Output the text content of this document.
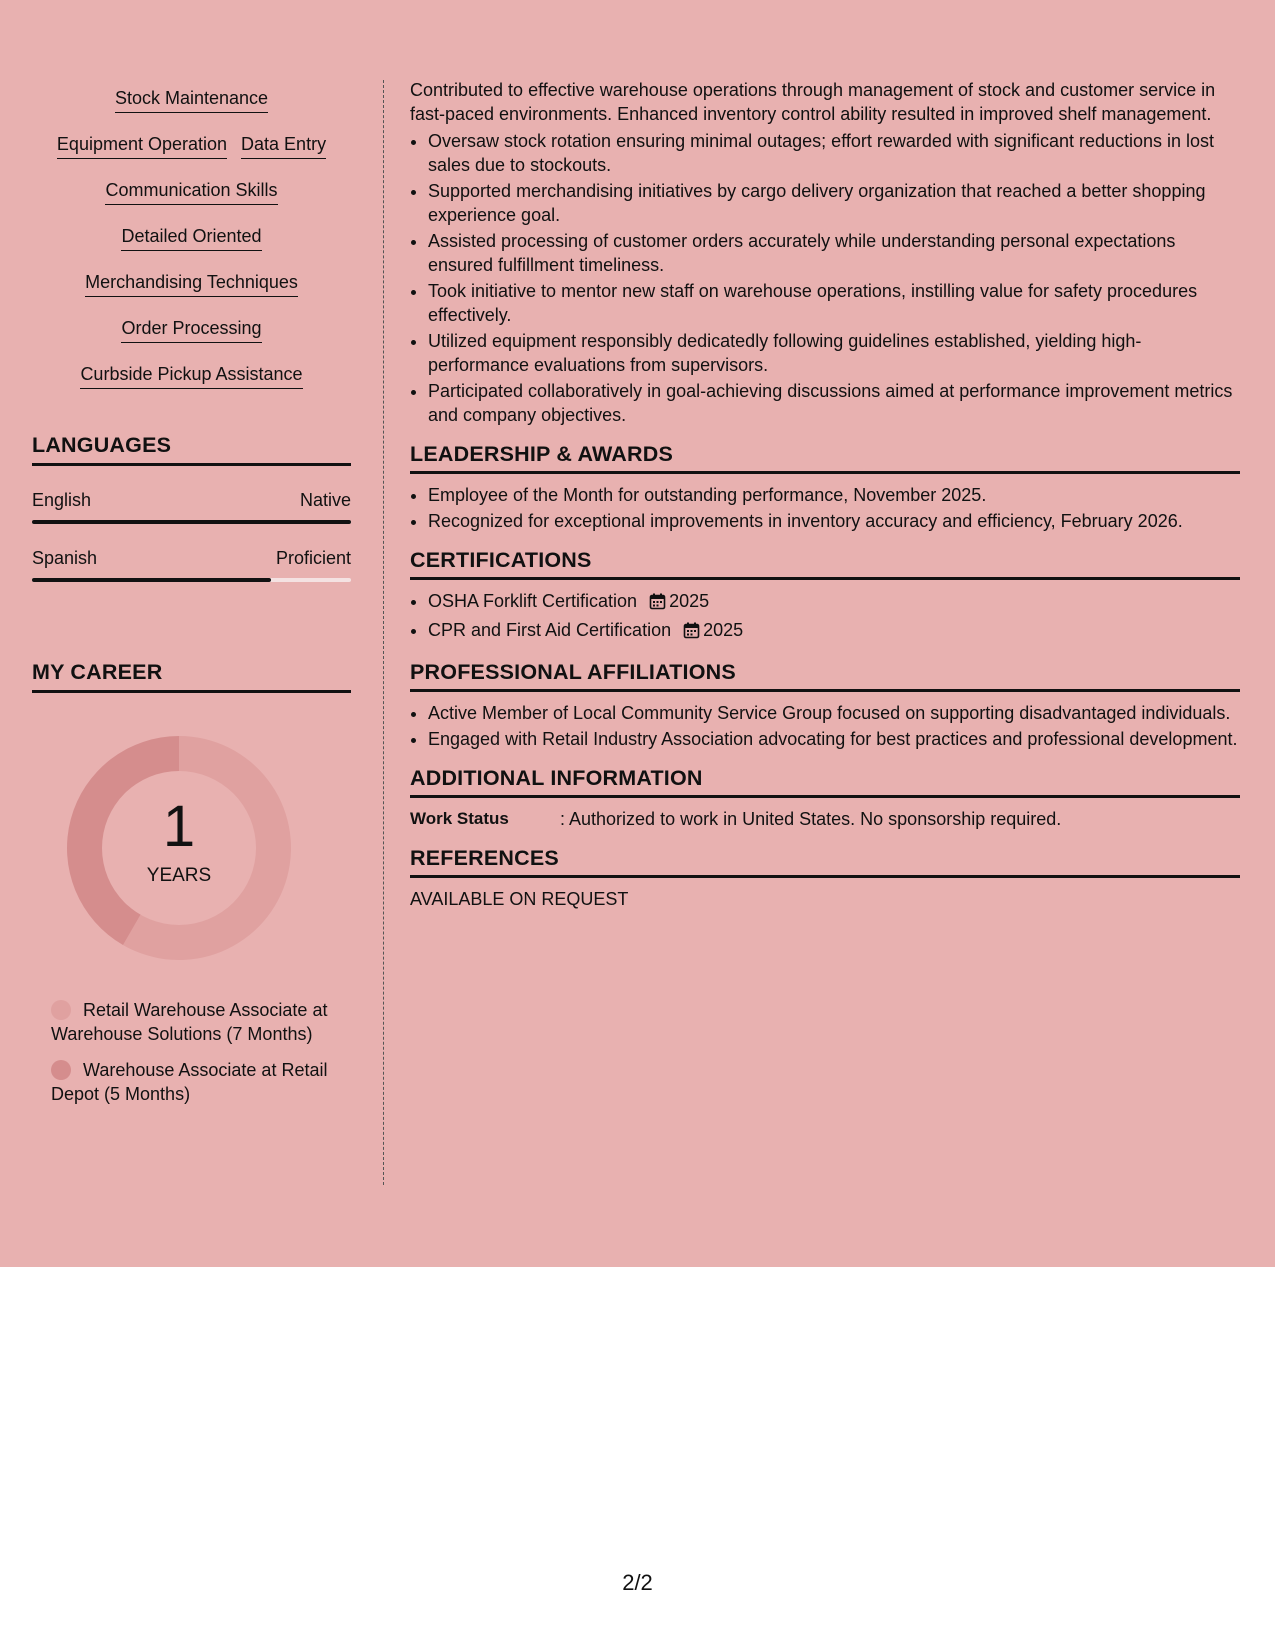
Stock Maintenance
Equipment Operation Data Entry
Communication Skills
Detailed Oriented
Merchandising Techniques
Order Processing
Curbside Pickup Assistance
LANGUAGES
English	Native
Spanish	Proficient
MY CAREER
1
YEARS
Retail Warehouse Associate at Warehouse Solutions (7 Months)
Warehouse Associate at Retail Depot (5 Months)

Contributed to effective warehouse operations through management of stock and customer service in fast-paced environments. Enhanced inventory control ability resulted in improved shelf management.

• Oversaw stock rotation ensuring minimal outages; effort rewarded with significant reductions in lost sales due to stockouts.
• Supported merchandising initiatives by cargo delivery organization that reached a better shopping experience goal.
• Assisted processing of customer orders accurately while understanding personal expectations ensured fulfillment timeliness.
• Took initiative to mentor new staff on warehouse operations, instilling value for safety procedures effectively.
• Utilized equipment responsibly dedicatedly following guidelines established, yielding high-performance evaluations from supervisors.
• Participated collaboratively in goal-achieving discussions aimed at performance improvement metrics and company objectives.
LEADERSHIP & AWARDS
• Employee of the Month for outstanding performance, November 2025.
• Recognized for exceptional improvements in inventory accuracy and efficiency, February 2026.
CERTIFICATIONS
• OSHA Forklift Certification 2025
• CPR and First Aid Certification 2025
PROFESSIONAL AFFILIATIONS
• Active Member of Local Community Service Group focused on supporting disadvantaged individuals.
• Engaged with Retail Industry Association advocating for best practices and professional development.
ADDITIONAL INFORMATION
Work Status	: Authorized to work in United States. No sponsorship required.
REFERENCES
AVAILABLE ON REQUEST
2/2
